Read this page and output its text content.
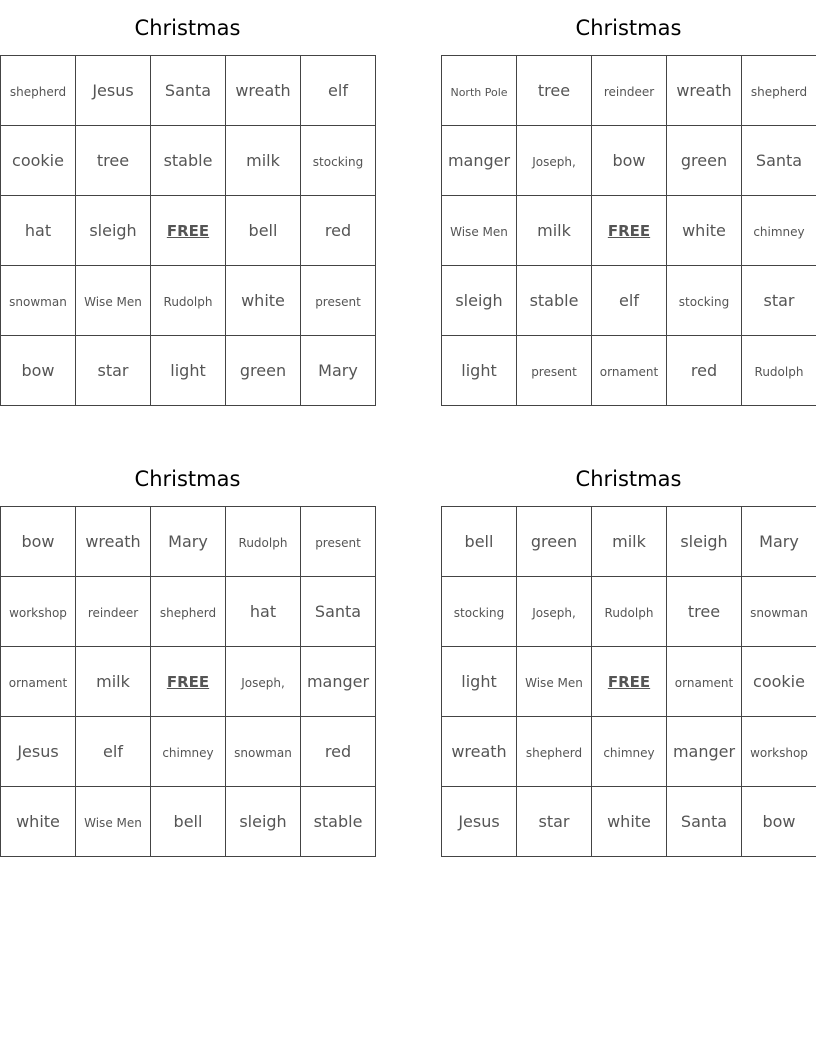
Christmas
shepherd	Jesus	Santa	wreath	elf
cookie	tree	stable	milk	stocking
hat	sleigh	FREE	bell	red
snowman	Wise Men	Rudolph	white	present
bow	star	light	green	Mary
Christmas
North Pole	tree	reindeer	wreath	shepherd
manger	Joseph,	bow	green	Santa
Wise Men	milk	FREE	white	chimney
sleigh	stable	elf	stocking	star
light	present	ornament	red	Rudolph
Christmas
bow	wreath	Mary	Rudolph	present
workshop	reindeer	shepherd	hat	Santa
ornament	milk	FREE	Joseph,	manger
Jesus	elf	chimney	snowman	red
white	Wise Men	bell	sleigh	stable
Christmas
bell	green	milk	sleigh	Mary
stocking	Joseph,	Rudolph	tree	snowman
light	Wise Men	FREE	ornament	cookie
wreath	shepherd	chimney	manger	workshop
Jesus	star	white	Santa	bow
